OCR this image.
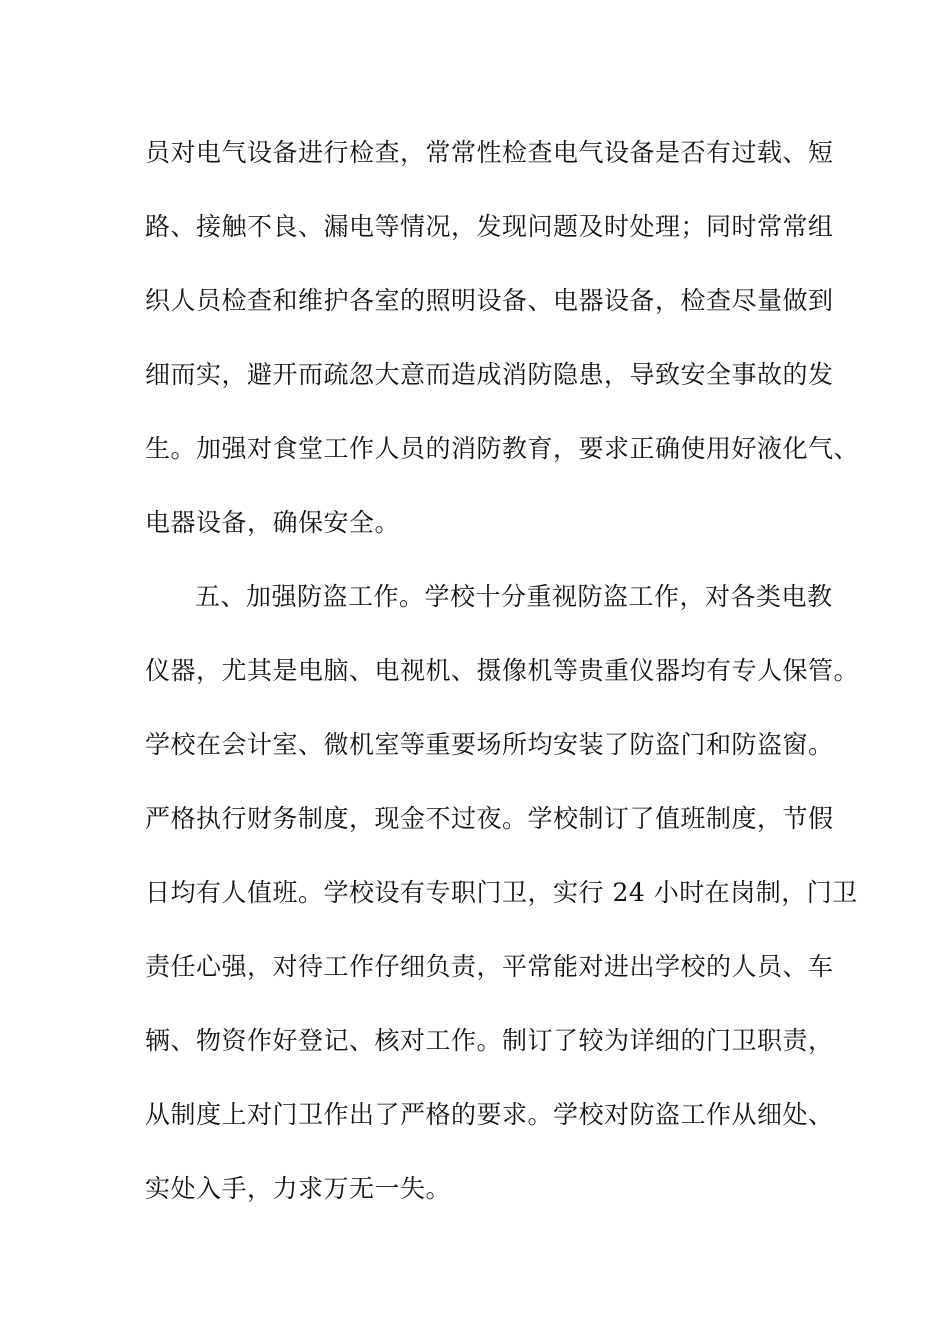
员对电气设备进行检查，常常性检查电气设备是否有过载、短
路、接触不良、漏电等情况，发现问题及时处理；同时常常组
织人员检查和维护各室的照明设备、电器设备，检查尽量做到
细而实，避开而疏忽大意而造成消防隐患，导致安全事故的发
生。加强对食堂工作人员的消防教育，要求正确使用好液化气、
电器设备，确保安全。
五、加强防盗工作。学校十分重视防盗工作，对各类电教
仪器，尤其是电脑、电视机、摄像机等贵重仪器均有专人保管。
学校在会计室、微机室等重要场所均安装了防盗门和防盗窗。
严格执行财务制度，现金不过夜。学校制订了值班制度，节假
日均有人值班。学校设有专职门卫，实行 24 小时在岗制，门卫
责任心强，对待工作仔细负责，平常能对进出学校的人员、车
辆、物资作好登记、核对工作。制订了较为详细的门卫职责，
从制度上对门卫作出了严格的要求。学校对防盗工作从细处、
实处入手，力求万无一失。
